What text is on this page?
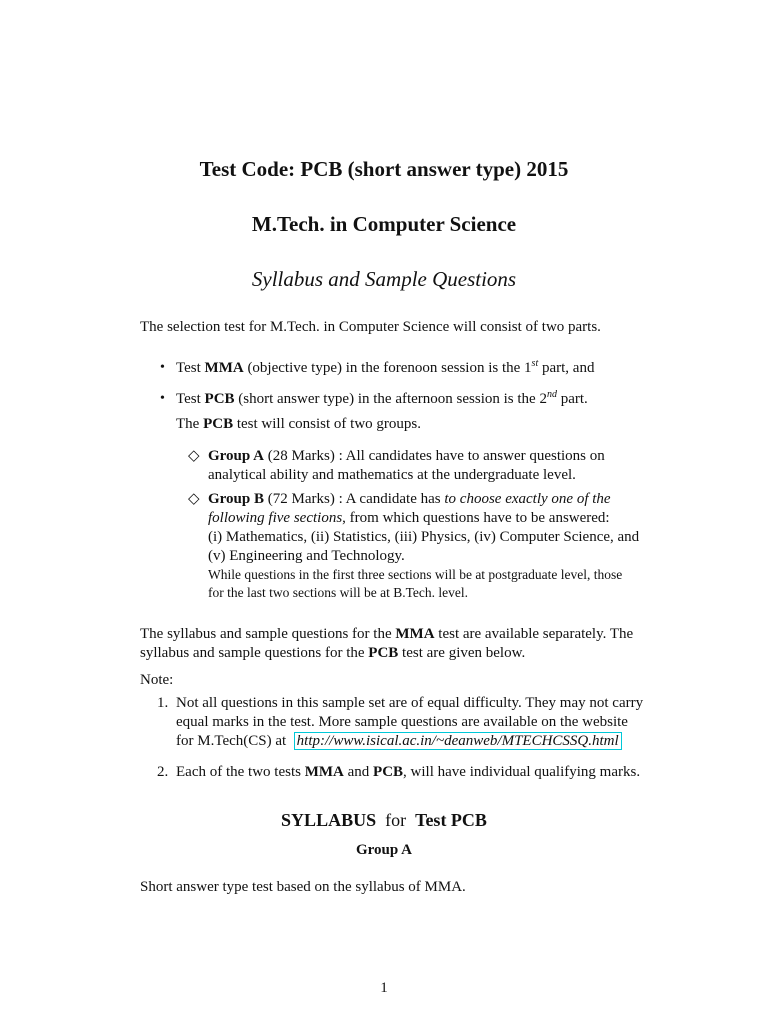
Test Code: PCB (short answer type) 2015
M.Tech. in Computer Science
Syllabus and Sample Questions
The selection test for M.Tech. in Computer Science will consist of two parts.
• Test MMA (objective type) in the forenoon session is the 1st part, and
• Test PCB (short answer type) in the afternoon session is the 2nd part.
The PCB test will consist of two groups.
◇ Group A (28 Marks) : All candidates have to answer questions on
analytical ability and mathematics at the undergraduate level.
◇ Group B (72 Marks) : A candidate has to choose exactly one of the
following five sections, from which questions have to be answered:
(i) Mathematics, (ii) Statistics, (iii) Physics, (iv) Computer Science, and
(v) Engineering and Technology.
While questions in the first three sections will be at postgraduate level, those
for the last two sections will be at B.Tech. level.
The syllabus and sample questions for the MMA test are available separately. The
syllabus and sample questions for the PCB test are given below.
Note:
1. Not all questions in this sample set are of equal difficulty. They may not carry
equal marks in the test. More sample questions are available on the website
for M.Tech(CS) at http://www.isical.ac.in/~deanweb/MTECHCSSQ.html
2. Each of the two tests MMA and PCB, will have individual qualifying marks.
SYLLABUS for Test PCB
Group A
Short answer type test based on the syllabus of MMA.
1
